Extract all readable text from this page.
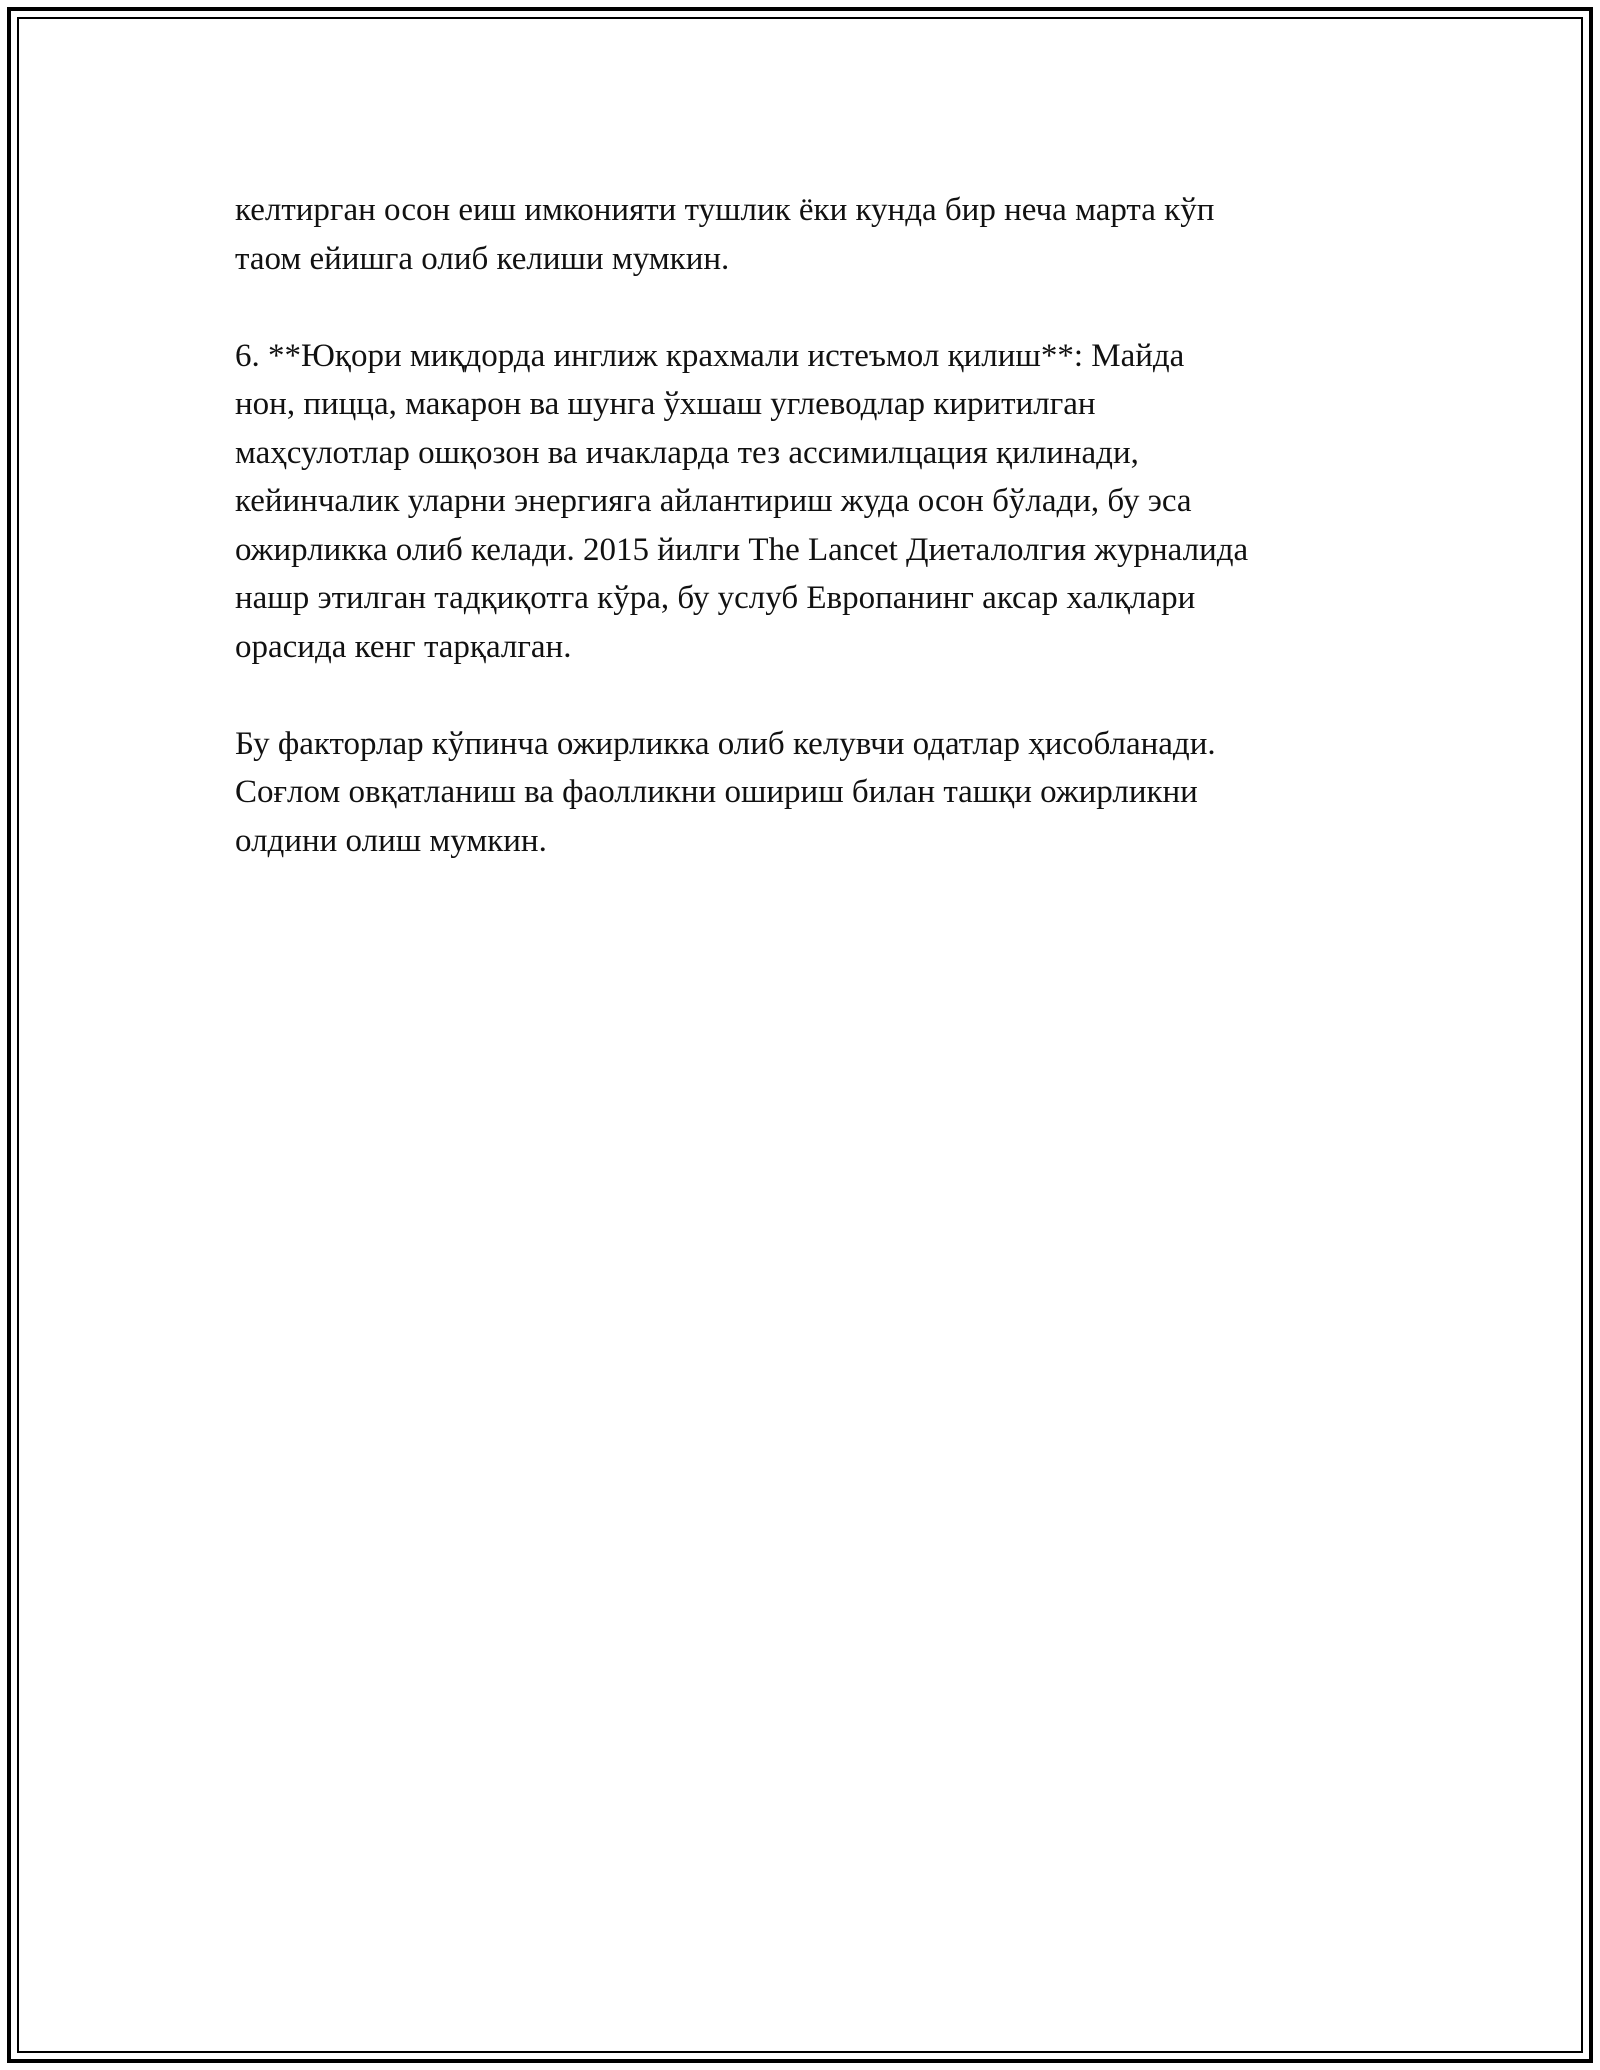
келтирган осон еиш имконияти тушлик ёки кунда бир неча марта кўп
таом ейишга олиб келиши мумкин.

6. **Юқори миқдорда инглиж крахмали истеъмол қилиш**: Майда
нон, пицца, макарон ва шунга ўхшаш углеводлар киритилган
маҳсулотлар ошқозон ва ичакларда тез ассимилцация қилинади,
кейинчалик уларни энергияга айлантириш жуда осон бўлади, бу эса
ожирликка олиб келади. 2015 йилги The Lancet Диеталолгия журналида
нашр этилган тадқиқотга кўра, бу услуб Европанинг аксар халқлари
орасида кенг тарқалган.

Бу факторлар кўпинча ожирликка олиб келувчи одатлар ҳисобланади.
Соғлом овқатланиш ва фаолликни ошириш билан ташқи ожирликни
олдини олиш мумкин.
